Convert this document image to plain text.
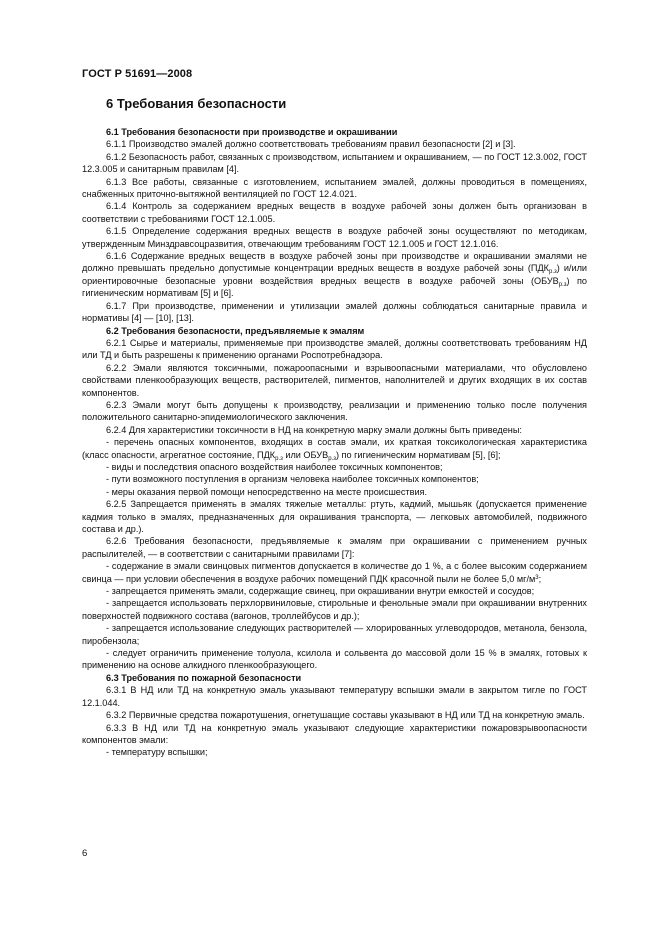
ГОСТ Р 51691—2008
6 Требования безопасности

6.1 Требования безопасности при производстве и окрашивании

6.1.1 Производство эмалей должно соответствовать требованиям правил безопасности [2] и [3].

6.1.2 Безопасность работ, связанных с производством, испытанием и окрашиванием, — по ГОСТ 12.3.002, ГОСТ 12.3.005 и санитарным правилам [4].

6.1.3 Все работы, связанные с изготовлением, испытанием эмалей, должны проводиться в помещениях, снабженных приточно-вытяжной вентиляцией по ГОСТ 12.4.021.

6.1.4 Контроль за содержанием вредных веществ в воздухе рабочей зоны должен быть организован в соответствии с требованиями ГОСТ 12.1.005.

6.1.5 Определение содержания вредных веществ в воздухе рабочей зоны осуществляют по методикам, утвержденным Минздравсоцразвития, отвечающим требованиям ГОСТ 12.1.005 и ГОСТ 12.1.016.

6.1.6 Содержание вредных веществ в воздухе рабочей зоны при производстве и окрашивании эмалями не должно превышать предельно допустимые концентрации вредных веществ в воздухе рабочей зоны $(ПДК_{р.з})$ и/или ориентировочные безопасные уровни воздействия вредных веществ в воздухе рабочей зоны $(ОБУВ_{р.з})$ по гигиеническим нормативам [5] и [6].

6.1.7 При производстве, применении и утилизации эмалей должны соблюдаться санитарные правила и нормативы [4] — [10], [13].

6.2 Требования безопасности, предъявляемые к эмалям

6.2.1 Сырье и материалы, применяемые при производстве эмалей, должны соответствовать требованиям НД или ТД и быть разрешены к применению органами Роспотребнадзора.

6.2.2 Эмали являются токсичными, пожароопасными и взрывоопасными материалами, что обусловлено свойствами пленкообразующих веществ, растворителей, пигментов, наполнителей и других входящих в их состав компонентов.

6.2.3 Эмали могут быть допущены к производству, реализации и применению только после получения положительного санитарно-эпидемиологического заключения.

6.2.4 Для характеристики токсичности в НД на конкретную марку эмали должны быть приведены:

- перечень опасных компонентов, входящих в состав эмали, их краткая токсикологическая характеристика (класс опасности, агрегатное состояние, $ПДК_{р.з}$ или $ОБУВ_{р.з}$) по гигиеническим нормативам [5], [6];

- виды и последствия опасного воздействия наиболее токсичных компонентов;

- пути возможного поступления в организм человека наиболее токсичных компонентов;

- меры оказания первой помощи непосредственно на месте происшествия.

6.2.5 Запрещается применять в эмалях тяжелые металлы: ртуть, кадмий, мышьяк (допускается применение кадмия только в эмалях, предназначенных для окрашивания транспорта, — легковых автомобилей, подвижного состава и др.).

6.2.6 Требования безопасности, предъявляемые к эмалям при окрашивании с применением ручных распылителей, — в соответствии с санитарными правилами [7]:

- содержание в эмали свинцовых пигментов допускается в количестве до 1 %, а с более высоким содержанием свинца — при условии обеспечения в воздухе рабочих помещений ПДК красочной пыли не более 5,0 $мг/м^3$;

- запрещается применять эмали, содержащие свинец, при окрашивании внутри емкостей и сосудов;

- запрещается использовать перхлорвиниловые, стирольные и фенольные эмали при окрашивании внутренних поверхностей подвижного состава (вагонов, троллейбусов и др.);

- запрещается использование следующих растворителей — хлорированных углеводородов, метанола, бензола, пиробензола;

- следует ограничить применение толуола, ксилола и сольвента до массовой доли 15 % в эмалях, готовых к применению на основе алкидного пленкообразующего.

6.3 Требования по пожарной безопасности

6.3.1 В НД или ТД на конкретную эмаль указывают температуру вспышки эмали в закрытом тигле по ГОСТ 12.1.044.

6.3.2 Первичные средства пожаротушения, огнетушащие составы указывают в НД или ТД на конкретную эмаль.

6.3.3 В НД или ТД на конкретную эмаль указывают следующие характеристики пожаровзрывоопасности компонентов эмали:

- температуру вспышки;

6
